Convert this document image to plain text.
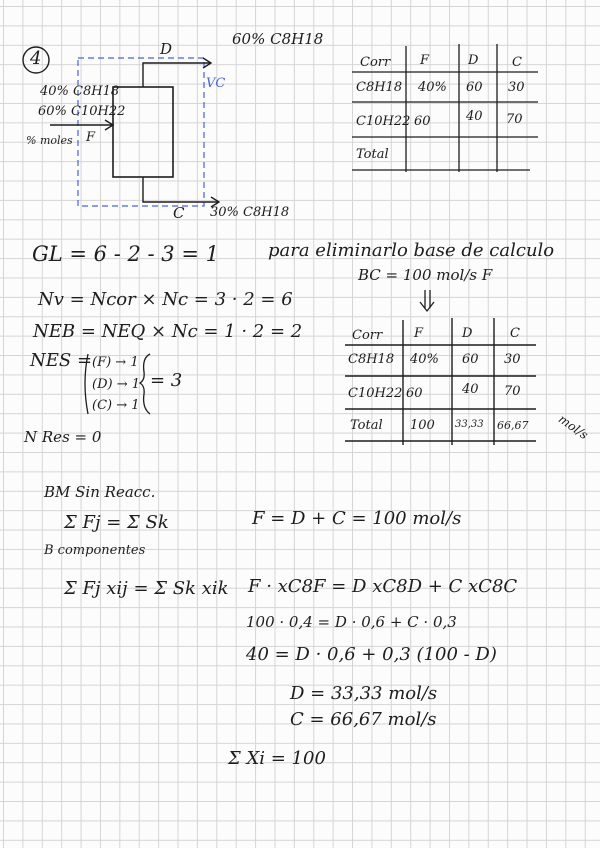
4	D
60% C8H18
VC
40% C8H18
60% C10H22
% moles F
C 30% C8H18
Corr F	D	C
C8H18 40% 60 30
C10H22 60	40 70
Total
GL = 6 - 2 - 3 = 1	para eliminarlo base de calculo
BC = 100 mol/s F
Nv = Ncor × Nc = 3 · 2 = 6
NEB = NEQ × Nc = 1 · 2 = 2
NES = (F) → 1
(D) → 1
(C) → 1
= 3
N Res = 0
Corr F	D	C
C8H18 40% 60 30
C10H22 60	40 70
Total 100 33,33 66,67 mol/s
BM Sin Reacc.
Σ Fj = Σ Sk	F = D + C = 100 mol/s
B componentes
Σ Fj xij = Σ Sk xik F · xC8F = D xC8D + C xC8C
100 · 0,4 = D · 0,6 + C · 0,3
40 = D · 0,6 + 0,3 (100 - D)
D = 33,33 mol/s
C = 66,67 mol/s
Σ Xi = 100
